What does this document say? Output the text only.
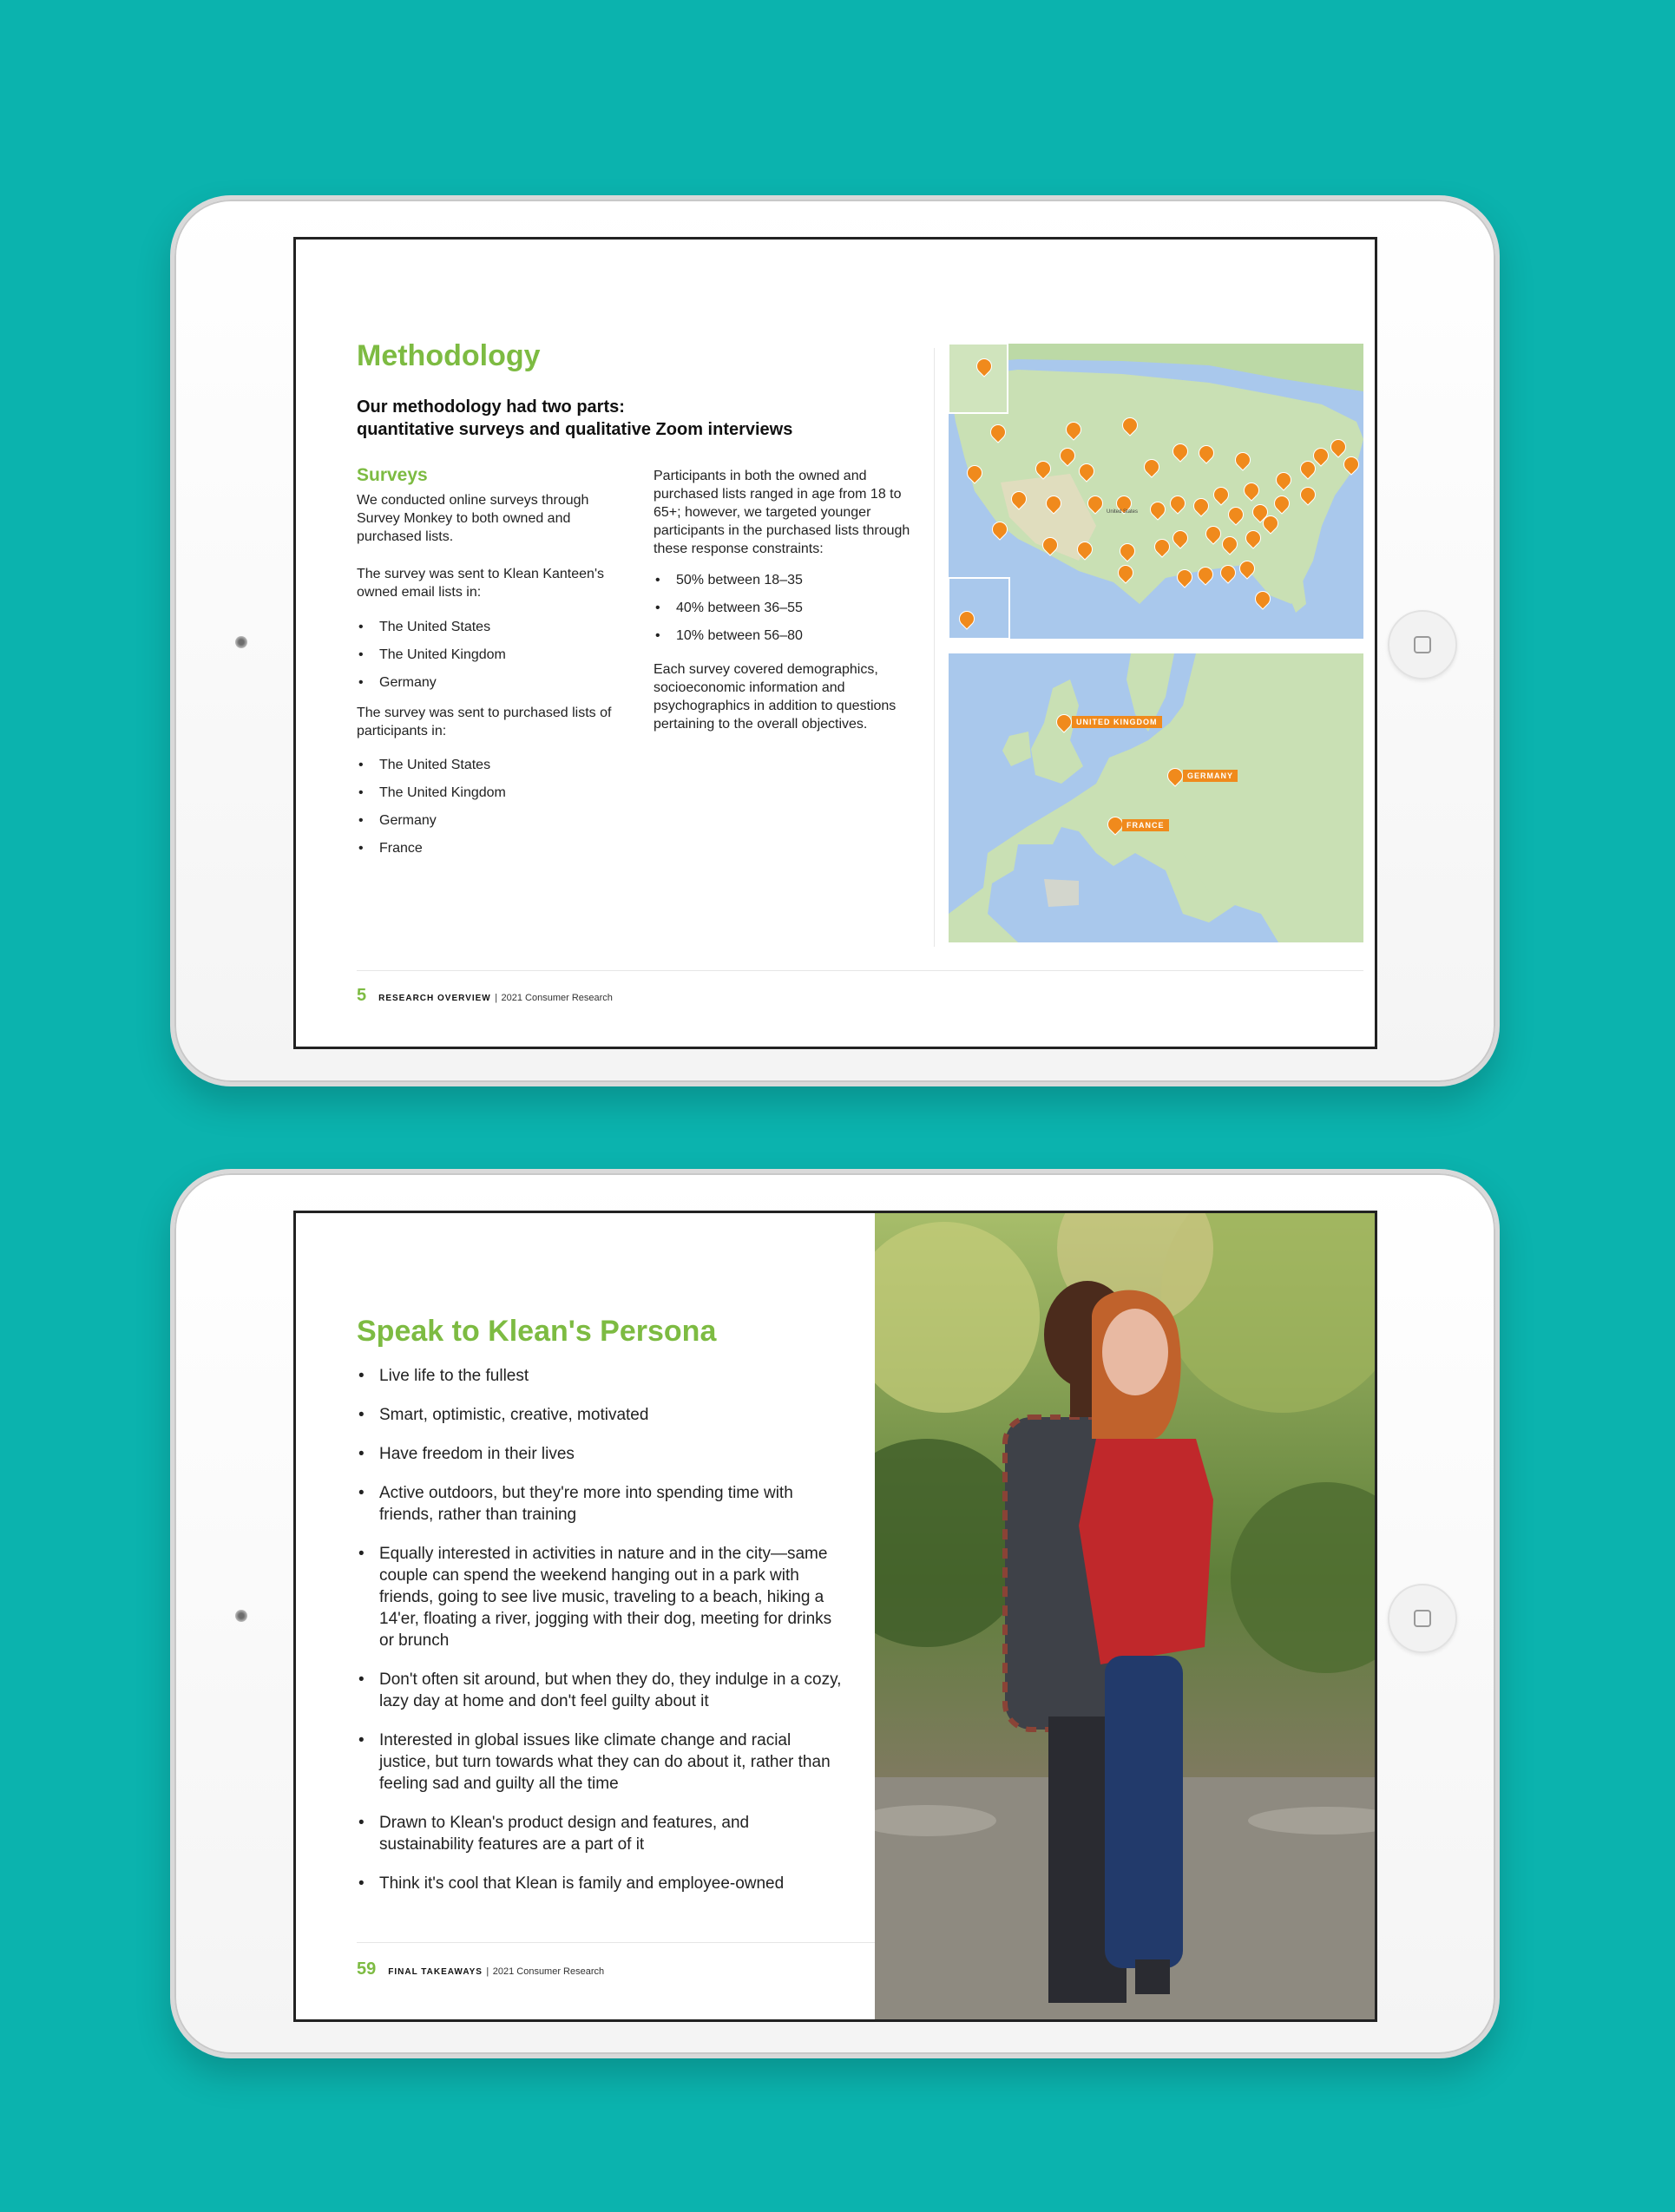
Methodology
Our methodology had two parts:
quantitative surveys and qualitative Zoom interviews
Surveys
We conducted online surveys through Survey Monkey to both owned and purchased lists.
The survey was sent to Klean Kanteen's owned email lists in:
• The United States
• The United Kingdom
• Germany
The survey was sent to purchased lists of participants in:
• The United States
• The United Kingdom
• Germany
• France
Participants in both the owned and purchased lists ranged in age from 18 to 65+; however, we targeted younger participants in the purchased lists through these response constraints:
• 50% between 18–35
• 40% between 36–55
• 10% between 56–80
Each survey covered demographics, socioeconomic information and psychographics in addition to questions pertaining to the overall objectives.
United States
UNITED KINGDOM
GERMANY
FRANCE
5 RESEARCH OVERVIEW | 2021 Consumer Research
Speak to Klean's Persona
• Live life to the fullest
• Smart, optimistic, creative, motivated
• Have freedom in their lives
• Active outdoors, but they're more into spending time with friends, rather than training
• Equally interested in activities in nature and in the city—same couple can spend the weekend hanging out in a park with friends, going to see live music, traveling to a beach, hiking a 14'er, floating a river, jogging with their dog, meeting for drinks or brunch
• Don't often sit around, but when they do, they indulge in a cozy, lazy day at home and don't feel guilty about it
• Interested in global issues like climate change and racial justice, but turn towards what they can do about it, rather than feeling sad and guilty all the time
• Drawn to Klean's product design and features, and sustainability features are a part of it
• Think it's cool that Klean is family and employee-owned
59 FINAL TAKEAWAYS | 2021 Consumer Research
